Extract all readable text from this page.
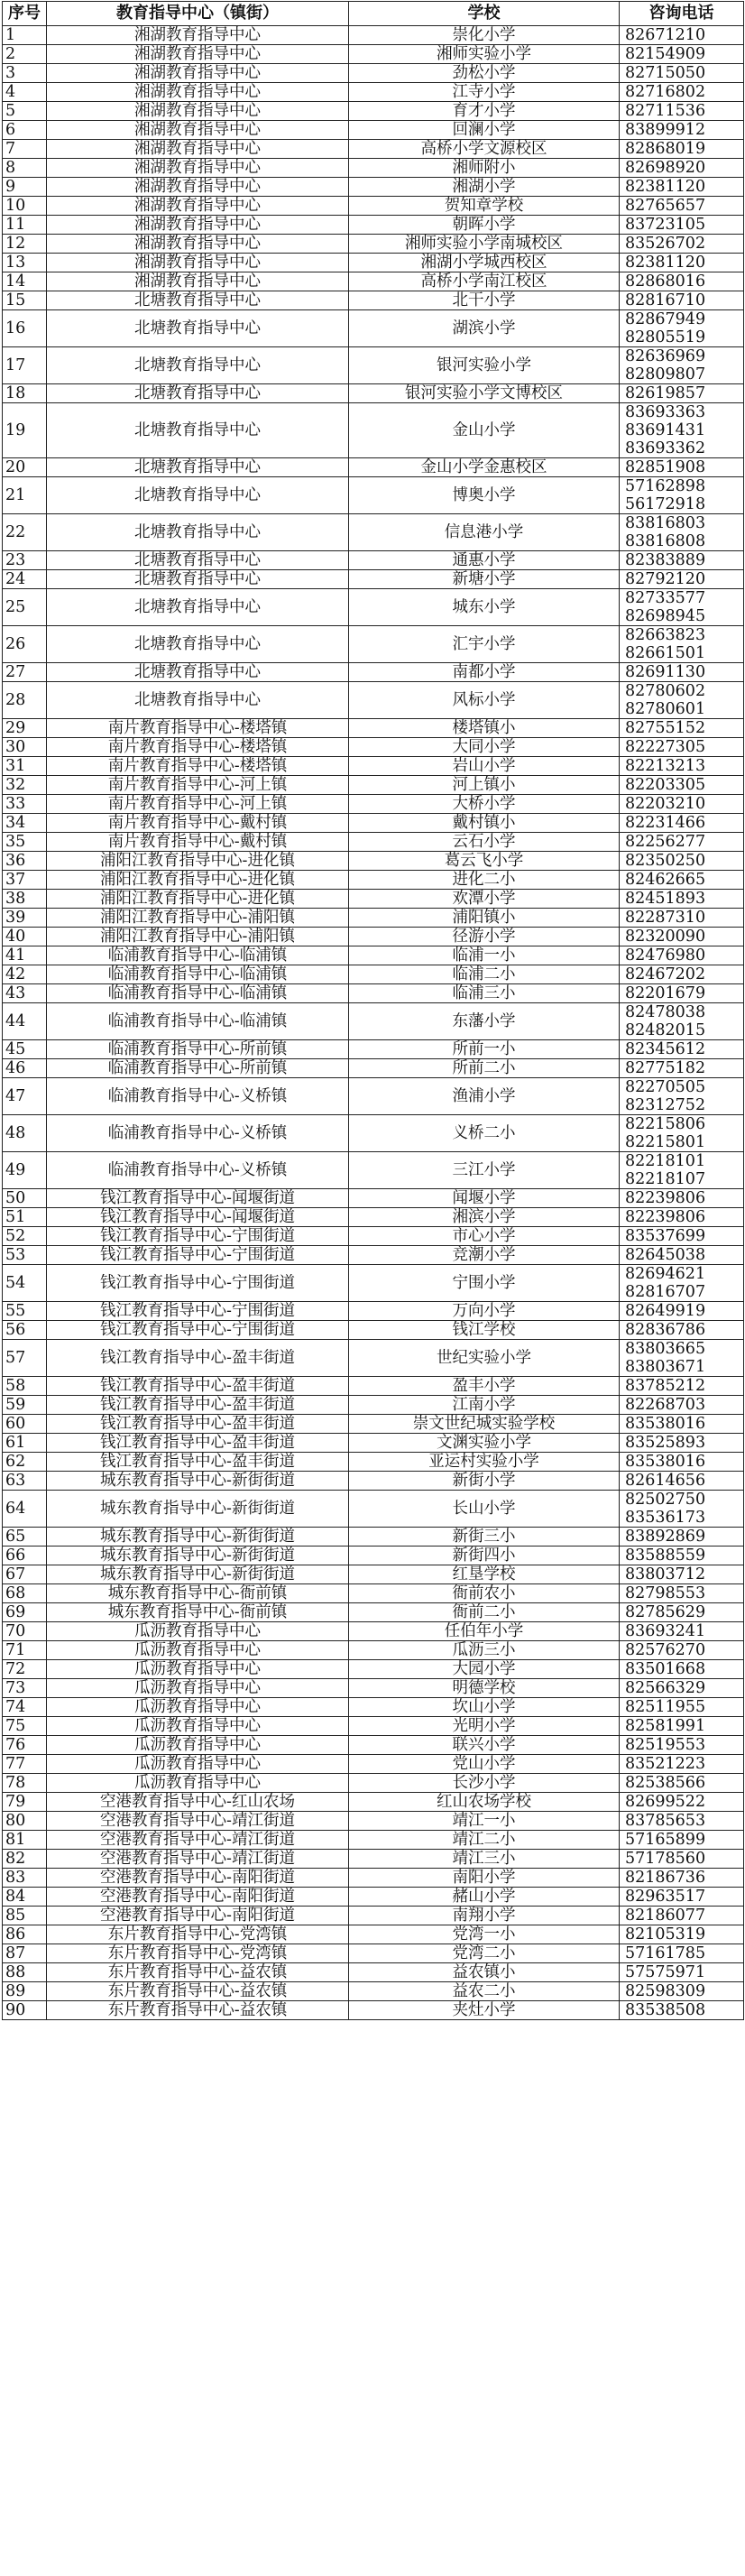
序号	教育指导中心（镇街）	学校	咨询电话
1	湘湖教育指导中心	崇化小学	82671210

2	湘湖教育指导中心	湘师实验小学	82154909

3	湘湖教育指导中心	劲松小学	82715050

4	湘湖教育指导中心	江寺小学	82716802

5	湘湖教育指导中心	育才小学	82711536

6	湘湖教育指导中心	回澜小学	83899912

7	湘湖教育指导中心	高桥小学文源校区	82868019

8	湘湖教育指导中心	湘师附小	82698920

9	湘湖教育指导中心	湘湖小学	82381120

10	湘湖教育指导中心	贺知章学校	82765657

11	湘湖教育指导中心	朝晖小学	83723105

12	湘湖教育指导中心	湘师实验小学南城校区	83526702

13	湘湖教育指导中心	湘湖小学城西校区	82381120

14	湘湖教育指导中心	高桥小学南江校区	82868016

15	北塘教育指导中心	北干小学	82816710

16	北塘教育指导中心	湖滨小学	82867949
82805519

17	北塘教育指导中心	银河实验小学	82636969
82809807

18	北塘教育指导中心	银河实验小学文博校区	82619857

19	北塘教育指导中心	金山小学	83693363
83691431
83693362

20	北塘教育指导中心	金山小学金惠校区	82851908

21	北塘教育指导中心	博奥小学	57162898
56172918

22	北塘教育指导中心	信息港小学	83816803
83816808

23	北塘教育指导中心	通惠小学	82383889

24	北塘教育指导中心	新塘小学	82792120

25	北塘教育指导中心	城东小学	82733577
82698945

26	北塘教育指导中心	汇宇小学	82663823
82661501

27	北塘教育指导中心	南都小学	82691130

28	北塘教育指导中心	风标小学	82780602
82780601

29	南片教育指导中心-楼塔镇	楼塔镇小	82755152

30	南片教育指导中心-楼塔镇	大同小学	82227305

31	南片教育指导中心-楼塔镇	岩山小学	82213213

32	南片教育指导中心-河上镇	河上镇小	82203305

33	南片教育指导中心-河上镇	大桥小学	82203210

34	南片教育指导中心-戴村镇	戴村镇小	82231466

35	南片教育指导中心-戴村镇	云石小学	82256277

36	浦阳江教育指导中心-进化镇	葛云飞小学	82350250

37	浦阳江教育指导中心-进化镇	进化二小	82462665

38	浦阳江教育指导中心-进化镇	欢潭小学	82451893

39	浦阳江教育指导中心-浦阳镇	浦阳镇小	82287310

40	浦阳江教育指导中心-浦阳镇	径游小学	82320090

41	临浦教育指导中心-临浦镇	临浦一小	82476980

42	临浦教育指导中心-临浦镇	临浦二小	82467202

43	临浦教育指导中心-临浦镇	临浦三小	82201679

44	临浦教育指导中心-临浦镇	东藩小学	82478038
82482015

45	临浦教育指导中心-所前镇	所前一小	82345612

46	临浦教育指导中心-所前镇	所前二小	82775182

47	临浦教育指导中心-义桥镇	渔浦小学	82270505
82312752

48	临浦教育指导中心-义桥镇	义桥二小	82215806
82215801

49	临浦教育指导中心-义桥镇	三江小学	82218101
82218107

50	钱江教育指导中心-闻堰街道	闻堰小学	82239806

51	钱江教育指导中心-闻堰街道	湘滨小学	82239806

52	钱江教育指导中心-宁围街道	市心小学	83537699

53	钱江教育指导中心-宁围街道	竞潮小学	82645038

54	钱江教育指导中心-宁围街道	宁围小学	82694621
82816707

55	钱江教育指导中心-宁围街道	万向小学	82649919

56	钱江教育指导中心-宁围街道	钱江学校	82836786

57	钱江教育指导中心-盈丰街道	世纪实验小学	83803665
83803671

58	钱江教育指导中心-盈丰街道	盈丰小学	83785212

59	钱江教育指导中心-盈丰街道	江南小学	82268703

60	钱江教育指导中心-盈丰街道	崇文世纪城实验学校	83538016

61	钱江教育指导中心-盈丰街道	文渊实验小学	83525893

62	钱江教育指导中心-盈丰街道	亚运村实验小学	83538016

63	城东教育指导中心-新街街道	新街小学	82614656

64	城东教育指导中心-新街街道	长山小学	82502750
83536173

65	城东教育指导中心-新街街道	新街三小	83892869

66	城东教育指导中心-新街街道	新街四小	83588559

67	城东教育指导中心-新街街道	红垦学校	83803712

68	城东教育指导中心-衙前镇	衙前农小	82798553

69	城东教育指导中心-衙前镇	衙前二小	82785629

70	瓜沥教育指导中心	任伯年小学	83693241

71	瓜沥教育指导中心	瓜沥三小	82576270

72	瓜沥教育指导中心	大园小学	83501668

73	瓜沥教育指导中心	明德学校	82566329

74	瓜沥教育指导中心	坎山小学	82511955

75	瓜沥教育指导中心	光明小学	82581991

76	瓜沥教育指导中心	联兴小学	82519553

77	瓜沥教育指导中心	党山小学	83521223

78	瓜沥教育指导中心	长沙小学	82538566

79	空港教育指导中心-红山农场	红山农场学校	82699522

80	空港教育指导中心-靖江街道	靖江一小	83785653

81	空港教育指导中心-靖江街道	靖江二小	57165899

82	空港教育指导中心-靖江街道	靖江三小	57178560

83	空港教育指导中心-南阳街道	南阳小学	82186736

84	空港教育指导中心-南阳街道	赭山小学	82963517

85	空港教育指导中心-南阳街道	南翔小学	82186077

86	东片教育指导中心-党湾镇	党湾一小	82105319

87	东片教育指导中心-党湾镇	党湾二小	57161785

88	东片教育指导中心-益农镇	益农镇小	57575971

89	东片教育指导中心-益农镇	益农二小	82598309

90	东片教育指导中心-益农镇	夹灶小学	83538508
